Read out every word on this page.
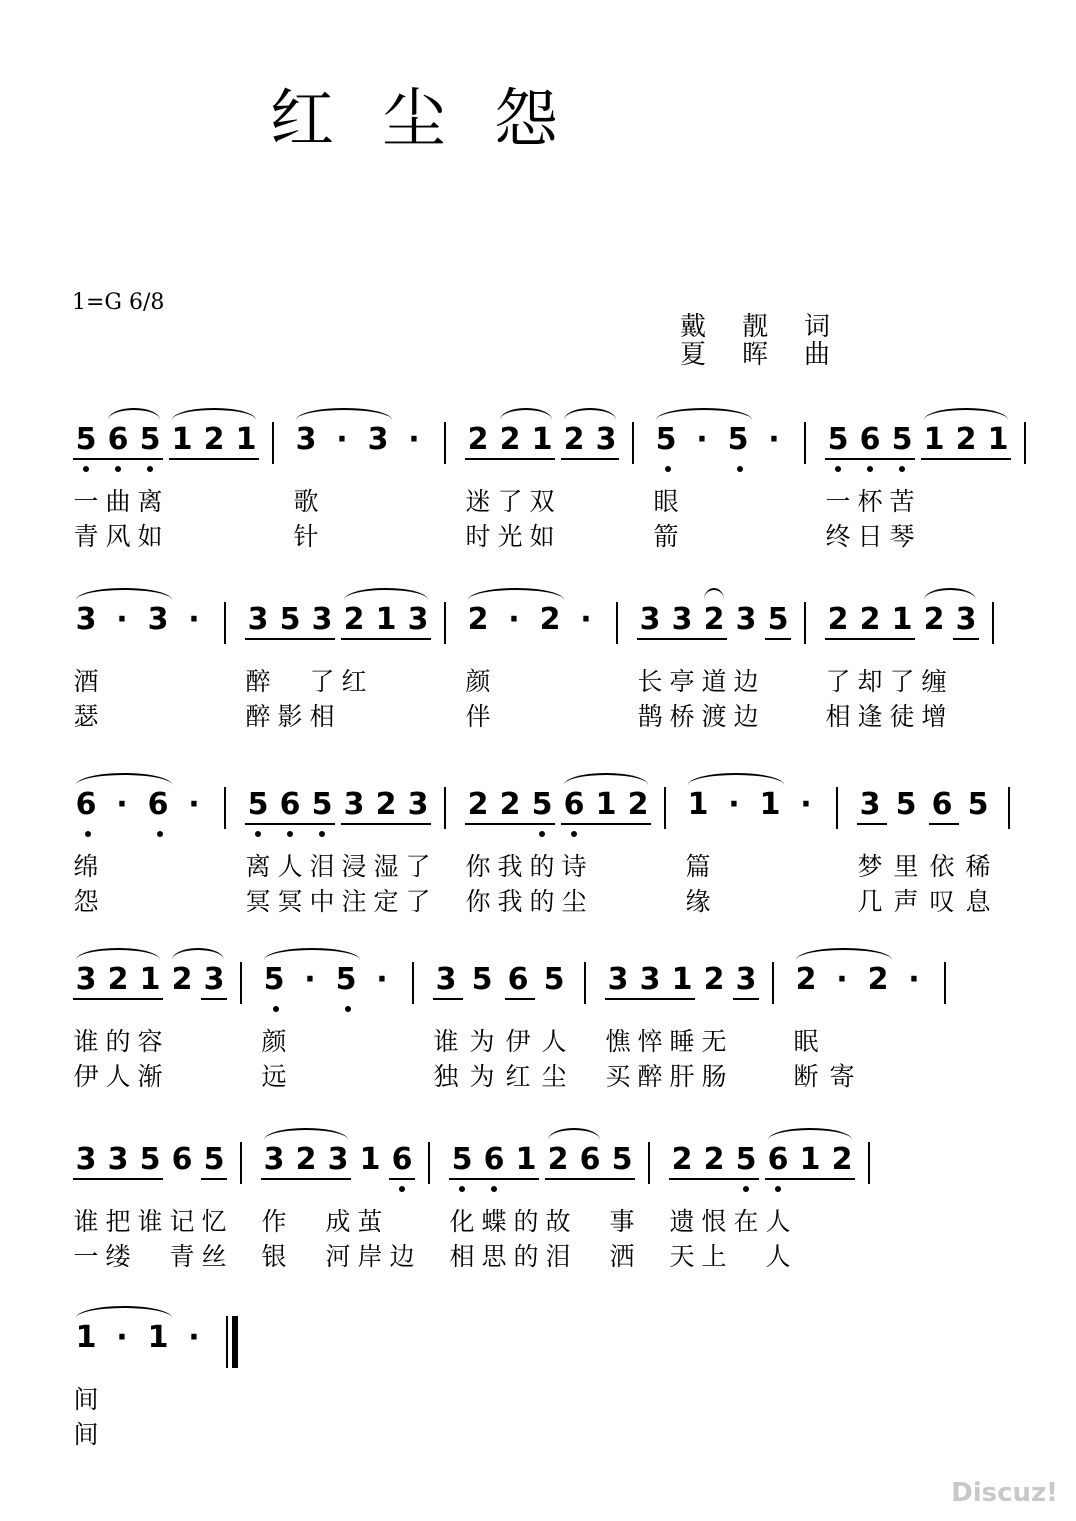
红尘怨
1=G 6/8
戴靓词
夏晖曲
5 6 5 1 2 1 3 · 3 ·	2 2 1 2 3 5 · 5 ·	5 6 5 1 2 1
一 曲 离	歌	迷 了 双	眼	一 杯 苦
青 风 如	针	时 光 如	箭	终 日 琴
3 · 3 ·	3 5 3 2 1 3 2 · 2 ·	3 3 2 3 5 2 2 1 2 3
酒	醉 了 红	颜	长 亭 道 边	了 却 了 缠
瑟	醉 影 相	伴	鹊 桥 渡 边	相 逢 徒 增
6 · 6 ·	5 6 5 3 2 3 2 2 5 6 1 2 1 · 1 ·	3 5 6 5
绵	离 人 泪 浸 湿 了 你 我 的 诗	篇	梦 里 依 稀
怨	冥 冥 中 注 定 了 你 我 的 尘	缘	几 声 叹 息
3 2 1 2 3 5 · 5 ·	3 5 6 5 3 3 1 2 3 2 · 2 ·
谁 的 容	颜	谁 为 伊 人 憔 悴 睡 无	眠
伊 人 渐	远	独 为 红 尘 买 醉 肝 肠	断 寄
3 3 5 6 5 3 2 3 1 6 5 6 1 2 6 5 2 2 5 6 1 2
谁 把 谁 记 忆 作 成 茧	化 蝶 的 故 事 遗 恨 在 人
一 缕 青 丝 银 河 岸 边 相 思 的 泪 洒 天 上 人
1 · 1 ·
间
间
Discuz!
